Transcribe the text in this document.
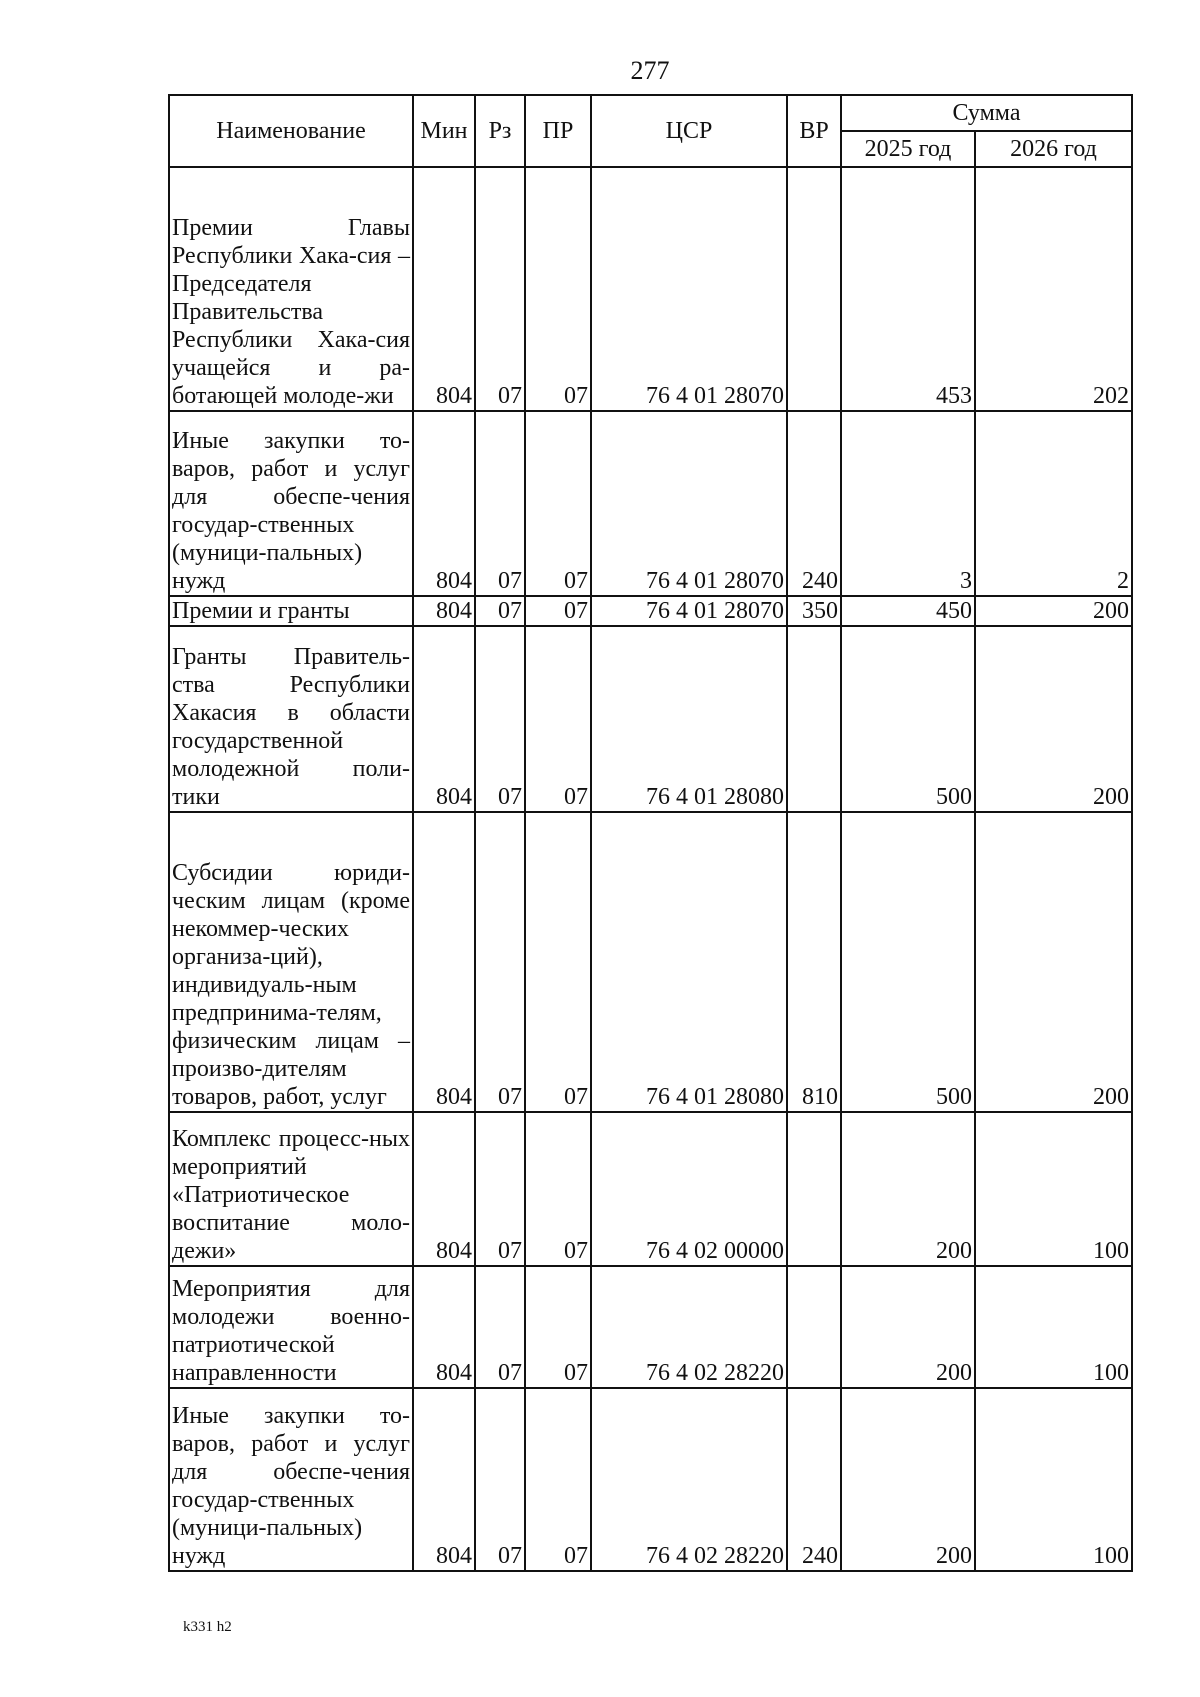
277
Наименование	Мин	Рз	ПР	ЦСР	ВР	Сумма	
						2025 год	2026 год
Премии Главы Республики Хака-сия – Председателя Правительства Республики Хака-сия учащейся и ра-ботающей молоде-жи	804	07	07	76 4 01 28070		453	202
Иные закупки то-варов, работ и услуг для обеспе-чения государ-ственных (муници-пальных) нужд	804	07	07	76 4 01 28070	240	3	2
Премии и гранты	804	07	07	76 4 01 28070	350	450	200
Гранты Правитель-ства Республики Хакасия в области государственной молодежной поли-тики	804	07	07	76 4 01 28080		500	200
Субсидии юриди-ческим лицам (кроме некоммер-ческих организа-ций), индивидуаль-ным предпринима-телям, физическим лицам – произво-дителям товаров, работ, услуг	804	07	07	76 4 01 28080	810	500	200
Комплекс процесс-ных мероприятий «Патриотическое воспитание моло-дежи»	804	07	07	76 4 02 00000		200	100
Мероприятия для молодежи военно-патриотической направленности	804	07	07	76 4 02 28220		200	100
Иные закупки то-варов, работ и услуг для обеспе-чения государ-ственных (муници-пальных) нужд	804	07	07	76 4 02 28220	240	200	100
k331 h2
